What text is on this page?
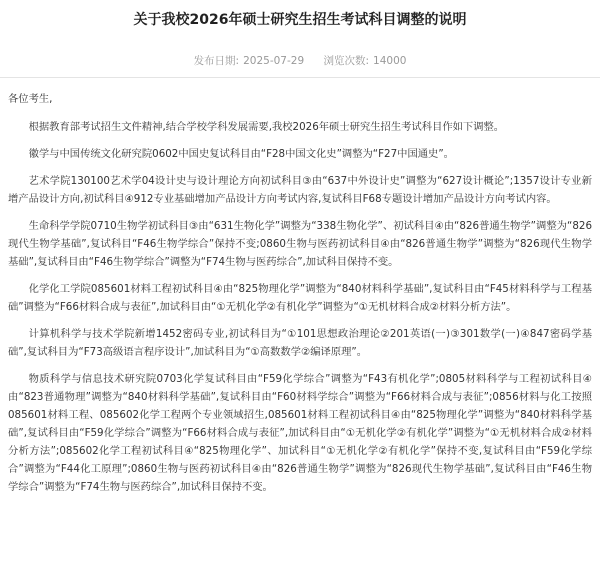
关于我校2026年硕士研究生招生考试科目调整的说明
发布日期: 2025-07-29 浏览次数: 14000

各位考生,

根据教育部考试招生文件精神,结合学校学科发展需要,我校2026年硕士研究生招生考试科目作如下调整。

徽学与中国传统文化研究院0602中国史复试科目由“F28中国文化史”调整为“F27中国通史”。

艺术学院130100艺术学04设计史与设计理论方向初试科目③由“637中外设计史”调整为“627设计概论”;1357设计专业新增产品设计方向,初试科目④912专业基础增加产品设计方向考试内容,复试科目F68专题设计增加产品设计方向考试内容。

生命科学学院0710生物学初试科目③由“631生物化学”调整为“338生物化学”、初试科目④由“826普通生物学”调整为“826现代生物学基础”,复试科目“F46生物学综合”保持不变;0860生物与医药初试科目④由“826普通生物学”调整为“826现代生物学基础”,复试科目由“F46生物学综合”调整为“F74生物与医药综合”,加试科目保持不变。

化学化工学院085601材料工程初试科目④由“825物理化学”调整为“840材料科学基础”,复试科目由“F45材料科学与工程基础”调整为“F66材料合成与表征”,加试科目由“①无机化学②有机化学”调整为“①无机材料合成②材料分析方法”。

计算机科学与技术学院新增1452密码专业,初试科目为“①101思想政治理论②201英语(一)③301数学(一)④847密码学基础”,复试科目为“F73高级语言程序设计”,加试科目为“①高数数学②编译原理”。

物质科学与信息技术研究院0703化学复试科目由“F59化学综合”调整为“F43有机化学”;0805材料科学与工程初试科目④由“823普通物理”调整为“840材料科学基础”,复试科目由“F60材料学综合”调整为“F66材料合成与表征”;0856材料与化工按照085601材料工程、085602化学工程两个专业领域招生,085601材料工程初试科目④由“825物理化学”调整为“840材料科学基础”,复试科目由“F59化学综合”调整为“F66材料合成与表征”,加试科目由“①无机化学②有机化学”调整为“①无机材料合成②材料分析方法”;085602化学工程初试科目④“825物理化学”、加试科目“①无机化学②有机化学”保持不变,复试科目由“F59化学综合”调整为“F44化工原理”;0860生物与医药初试科目④由“826普通生物学”调整为“826现代生物学基础”,复试科目由“F46生物学综合”调整为“F74生物与医药综合”,加试科目保持不变。
